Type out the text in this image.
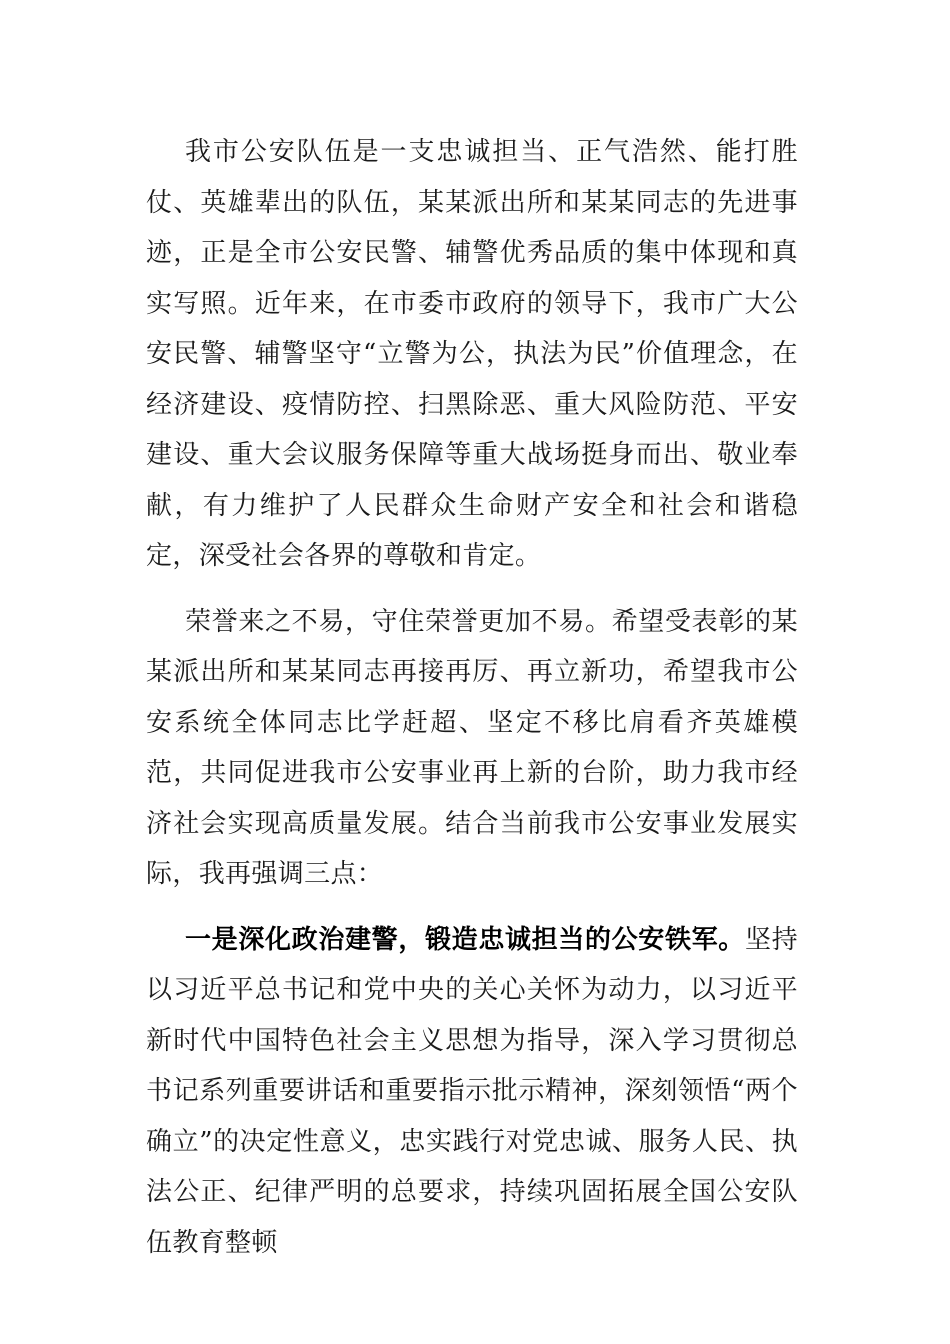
我市公安队伍是一支忠诚担当、正气浩然、能打胜仗、英雄辈出的队伍，某某派出所和某某同志的先进事迹，正是全市公安民警、辅警优秀品质的集中体现和真实写照。近年来，在市委市政府的领导下，我市广大公安民警、辅警坚守“立警为公，执法为民”价值理念，在经济建设、疫情防控、扫黑除恶、重大风险防范、平安建设、重大会议服务保障等重大战场挺身而出、敬业奉献，有力维护了人民群众生命财产安全和社会和谐稳定，深受社会各界的尊敬和肯定。

荣誉来之不易，守住荣誉更加不易。希望受表彰的某某派出所和某某同志再接再厉、再立新功，希望我市公安系统全体同志比学赶超、坚定不移比肩看齐英雄模范，共同促进我市公安事业再上新的台阶，助力我市经济社会实现高质量发展。结合当前我市公安事业发展实际，我再强调三点：

一是深化政治建警，锻造忠诚担当的公安铁军。坚持以习近平总书记和党中央的关心关怀为动力，以习近平新时代中国特色社会主义思想为指导，深入学习贯彻总书记系列重要讲话和重要指示批示精神，深刻领悟“两个确立”的决定性意义，忠实践行对党忠诚、服务人民、执法公正、纪律严明的总要求，持续巩固拓展全国公安队伍教育整顿
